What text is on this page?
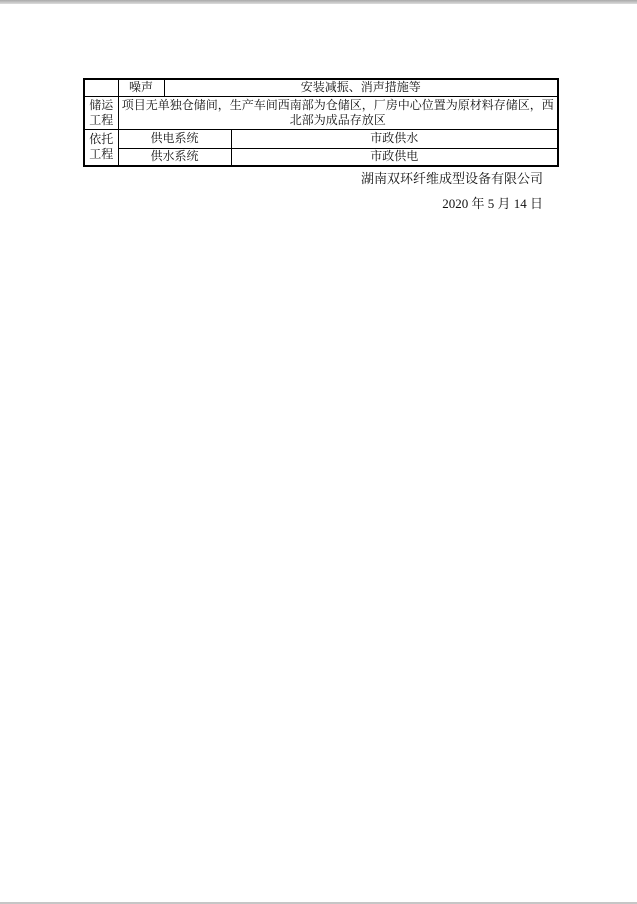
	噪声	安装减振、消声措施等	
储运工程	项目无单独仓储间，生产车间西南部为仓储区，厂房中心位置为原材料存储区，西北部为成品存放区		
依托工程	供电系统		市政供水
	供水系统		市政供电
湖南双环纤维成型设备有限公司
2020 年 5 月 14 日
